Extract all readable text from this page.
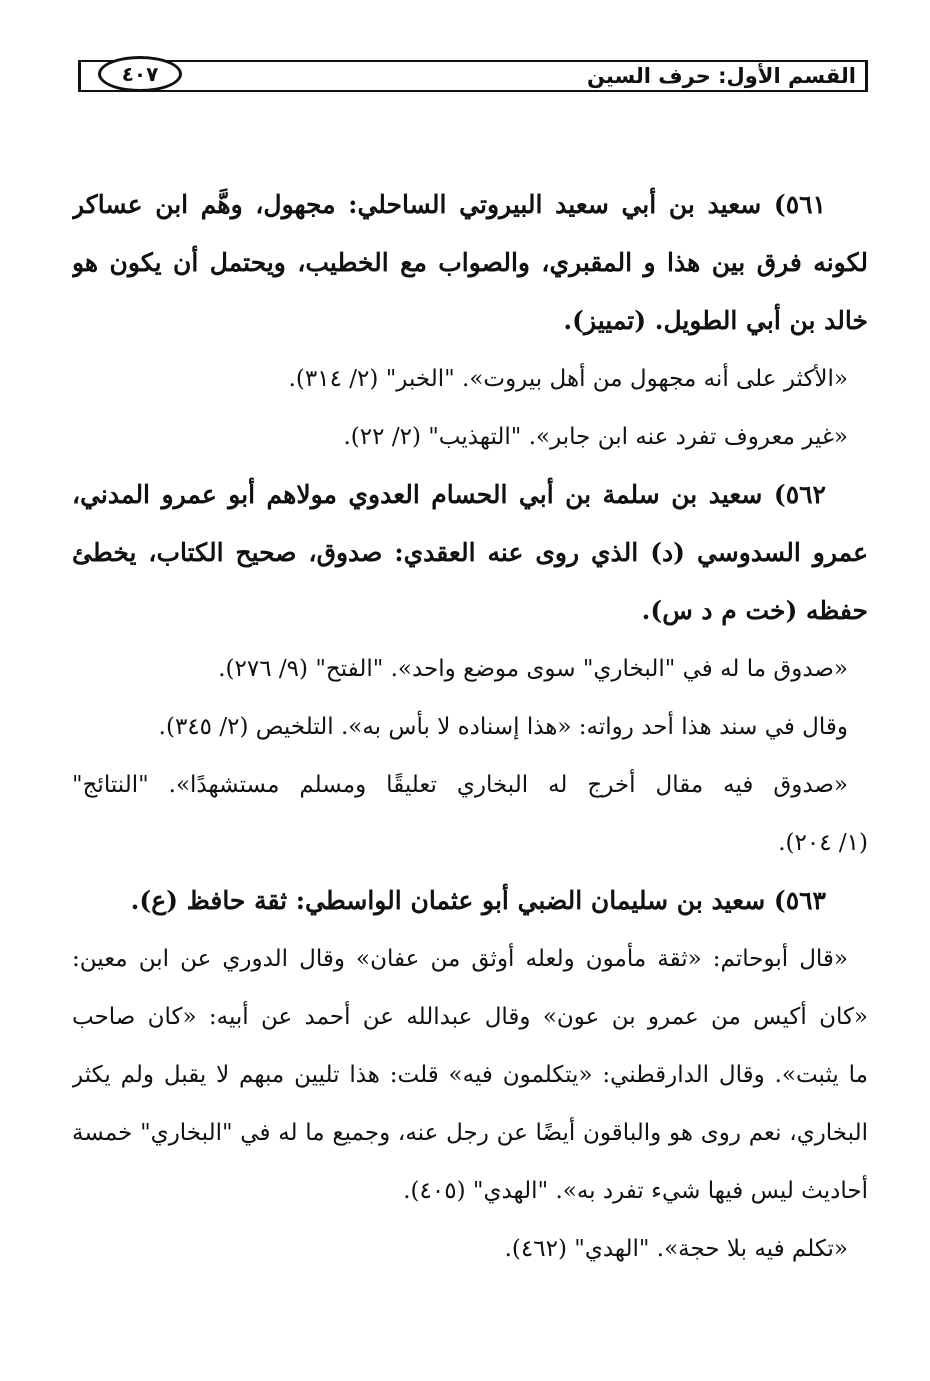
القسم الأول: حرف السين
٤٠٧
٥٦١) سعيد بن أبي سعيد البيروتي الساحلي: مجهول، وهَّم ابن عساكر
لكونه فرق بين هذا و المقبري، والصواب مع الخطيب، ويحتمل أن يكون هو
خالد بن أبي الطويل. (تمييز).
«الأكثر على أنه مجهول من أهل بيروت». "الخبر" (٢/ ٣١٤).
«غير معروف تفرد عنه ابن جابر». "التهذيب" (٢/ ٢٢).
٥٦٢) سعيد بن سلمة بن أبي الحسام العدوي مولاهم أبو عمرو المدني،
عمرو السدوسي (د) الذي روى عنه العقدي: صدوق، صحيح الكتاب، يخطئ
حفظه (خت م د س).
«صدوق ما له في "البخاري" سوى موضع واحد». "الفتح" (٩/ ٢٧٦).
وقال في سند هذا أحد رواته: «هذا إسناده لا بأس به». التلخيص (٢/ ٣٤٥).
«صدوق فيه مقال أخرج له البخاري تعليقًا ومسلم مستشهدًا». "النتائج"
(١/ ٢٠٤).
٥٦٣) سعيد بن سليمان الضبي أبو عثمان الواسطي: ثقة حافظ (ع).
«قال أبوحاتم: «ثقة مأمون ولعله أوثق من عفان» وقال الدوري عن ابن معين:
«كان أكيس من عمرو بن عون» وقال عبدالله عن أحمد عن أبيه: «كان صاحب
ما يثبت». وقال الدارقطني: «يتكلمون فيه» قلت: هذا تليين مبهم لا يقبل ولم يكثر
البخاري، نعم روى هو والباقون أيضًا عن رجل عنه، وجميع ما له في "البخاري" خمسة
أحاديث ليس فيها شيء تفرد به». "الهدي" (٤٠٥).
«تكلم فيه بلا حجة». "الهدي" (٤٦٢).
